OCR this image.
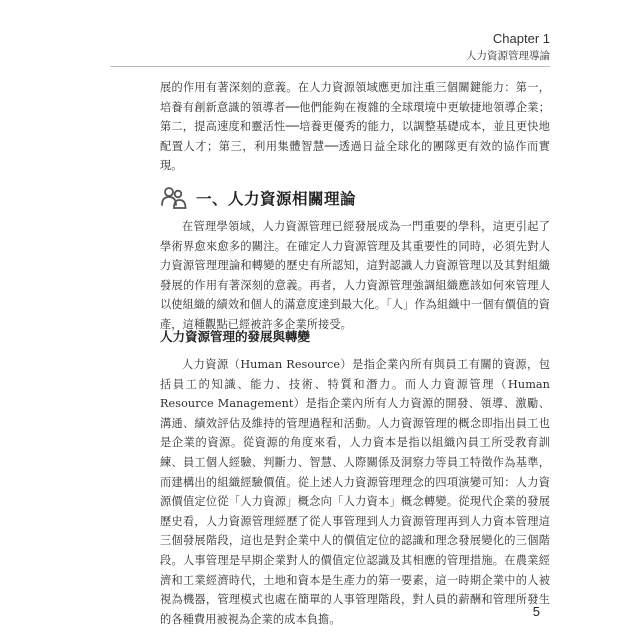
Chapter 1
人力資源管理導論

展的作用有著深刻的意義。在人力資源領域應更加注重三個關鍵能力：第一，培養有創新意識的領導者──他們能夠在複雜的全球環境中更敏捷地領導企業；第二，提高速度和靈活性──培養更優秀的能力，以調整基礎成本，並且更快地配置人才；第三，利用集體智慧──透過日益全球化的團隊更有效的協作而實現。

一、人力資源相關理論

在管理學領域，人力資源管理已經發展成為一門重要的學科，這更引起了學術界愈來愈多的關注。在確定人力資源管理及其重要性的同時，必須先對人力資源管理理論和轉變的歷史有所認知，這對認識人力資源管理以及其對組織發展的作用有著深刻的意義。再者，人力資源管理強調組織應該如何來管理人以使組織的績效和個人的滿意度達到最大化。「人」作為組織中一個有價值的資產，這種觀點已經被許多企業所接受。

人力資源管理的發展與轉變

人力資源（Human Resource）是指企業內所有與員工有關的資源，包括員工的知識、能力、技術、特質和潛力。而人力資源管理（Human Resource Management）是指企業內所有人力資源的開發、領導、激勵、溝通、績效評估及維持的管理過程和活動。人力資源管理的概念即指出員工也是企業的資源。從資源的角度來看，人力資本是指以組織內員工所受教育訓練、員工個人經驗、判斷力、智慧、人際關係及洞察力等員工特徵作為基準，而建構出的組織經驗價值。從上述人力資源管理理念的四項演變可知：人力資源價值定位從「人力資源」概念向「人力資本」概念轉變。從現代企業的發展歷史看，人力資源管理經歷了從人事管理到人力資源管理再到人力資本管理這三個發展階段，這也是對企業中人的價值定位的認識和理念發展變化的三個階段。人事管理是早期企業對人的價值定位認識及其相應的管理措施。在農業經濟和工業經濟時代，土地和資本是生產力的第一要素，這一時期企業中的人被視為機器，管理模式也處在簡單的人事管理階段，對人員的薪酬和管理所發生的各種費用被視為企業的成本負擔。

5
